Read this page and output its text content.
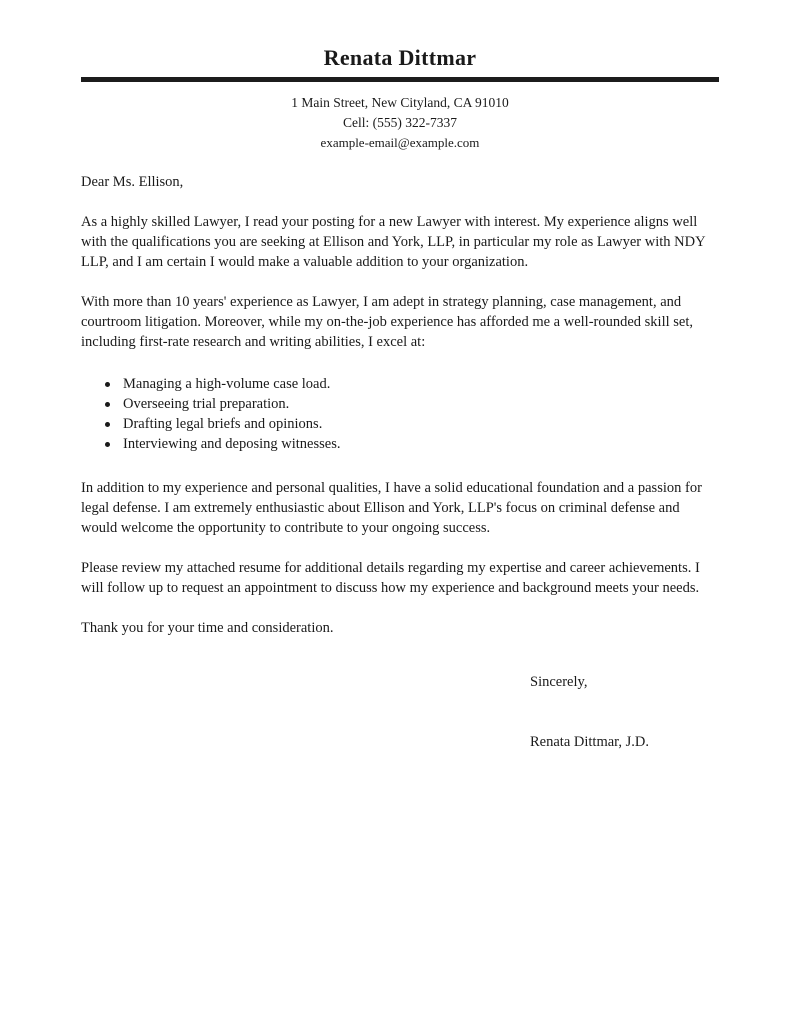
Renata Dittmar
1 Main Street, New Cityland, CA 91010
Cell: (555) 322-7337
example-email@example.com
Dear Ms. Ellison,

As a highly skilled Lawyer, I read your posting for a new Lawyer with interest. My experience aligns well with the qualifications you are seeking at Ellison and York, LLP, in particular my role as Lawyer with NDY LLP, and I am certain I would make a valuable addition to your organization.

With more than 10 years' experience as Lawyer, I am adept in strategy planning, case management, and courtroom litigation. Moreover, while my on-the-job experience has afforded me a well-rounded skill set, including first-rate research and writing abilities, I excel at:

Managing a high-volume case load.
Overseeing trial preparation.
Drafting legal briefs and opinions.
Interviewing and deposing witnesses.

In addition to my experience and personal qualities, I have a solid educational foundation and a passion for legal defense. I am extremely enthusiastic about Ellison and York, LLP's focus on criminal defense and would welcome the opportunity to contribute to your ongoing success.

Please review my attached resume for additional details regarding my expertise and career achievements. I will follow up to request an appointment to discuss how my experience and background meets your needs.

Thank you for your time and consideration.

Sincerely,
Renata Dittmar, J.D.
